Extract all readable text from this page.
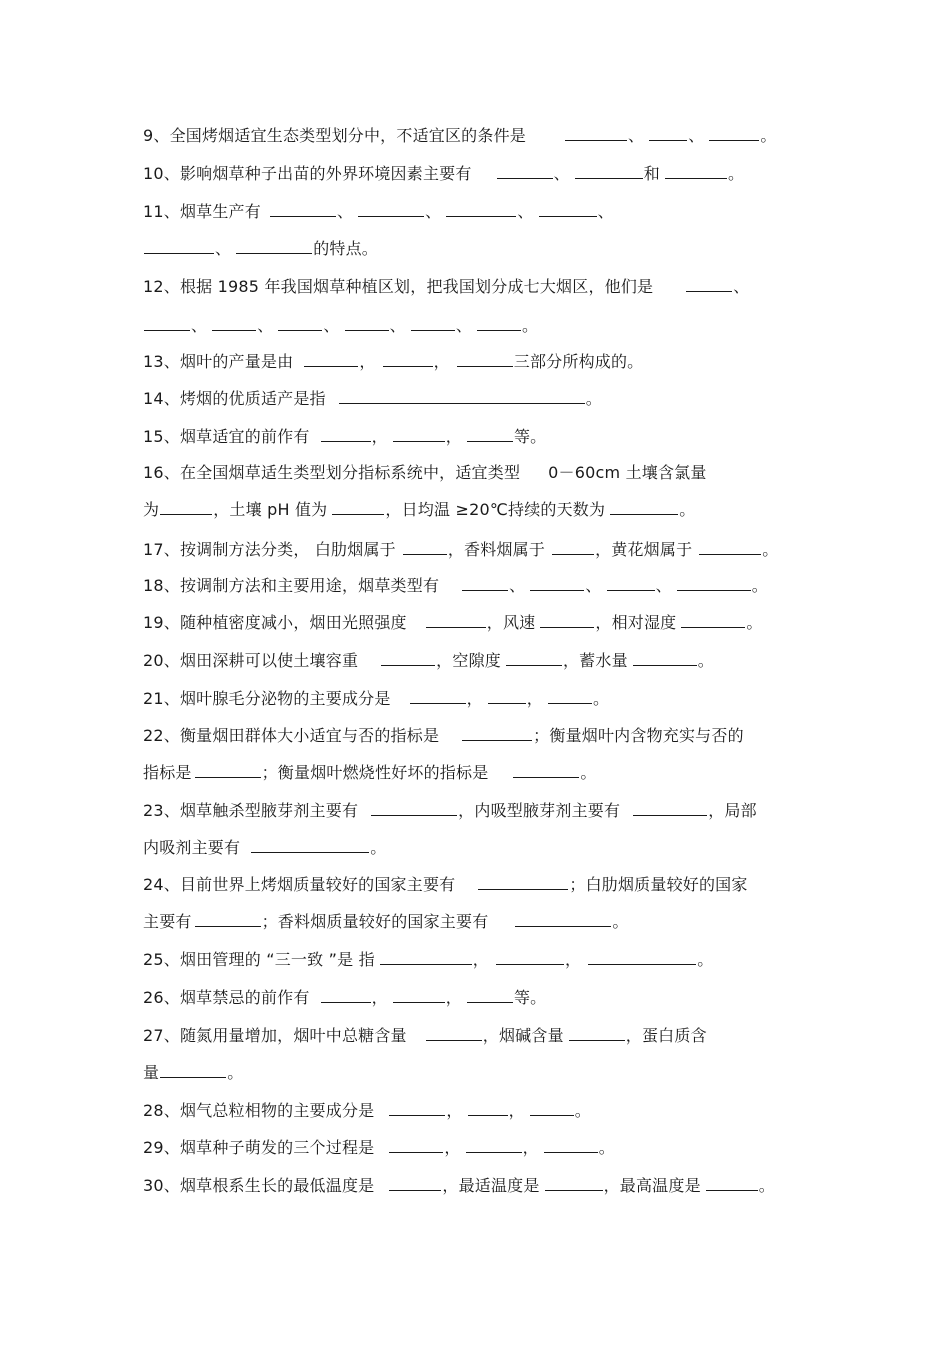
9、全国烤烟适宜生态类型划分中，不适宜区的条件是	、	、	。
10、影响烟草种子出苗的外界环境因素主要有	、	和	。
11、烟草生产有	、	、	、	、
、	的特点。
12、根据 1985 年我国烟草种植区划，把我国划分成七大烟区，他们是	、
、	、	、	、	、	。
13、烟叶的产量是由	，	，	三部分所构成的。
14、烤烟的优质适产是指	。
15、烟草适宜的前作有	，	，	等。
16、在全国烟草适生类型划分指标系统中，适宜类型 0－60cm 土壤含氯量
为	，土壤 pH 值为	，日均温 ≥20℃持续的天数为	。
17、按调制方法分类， 白肋烟属于	，香料烟属于	，黄花烟属于	。
18、按调制方法和主要用途，烟草类型有	、	、	、	。
19、随种植密度减小，烟田光照强度	，风速	，相对湿度	。
20、烟田深耕可以使土壤容重	，空隙度	，蓄水量	。
21、烟叶腺毛分泌物的主要成分是	，	，	。
22、衡量烟田群体大小适宜与否的指标是	；衡量烟叶内含物充实与否的
指标是	；衡量烟叶燃烧性好坏的指标是	。
23、烟草触杀型腋芽剂主要有	，内吸型腋芽剂主要有	，局部
内吸剂主要有	。
24、目前世界上烤烟质量较好的国家主要有	；白肋烟质量较好的国家
主要有	；香料烟质量较好的国家主要有	。
25、烟田管理的 “三一致 ”是 指	，	，	。
26、烟草禁忌的前作有	，	，	等。
27、随氮用量增加，烟叶中总糖含量	，烟碱含量	，蛋白质含
量	。
28、烟气总粒相物的主要成分是	，	，	。
29、烟草种子萌发的三个过程是	，	，	。
30、烟草根系生长的最低温度是	，最适温度是	，最高温度是	。
